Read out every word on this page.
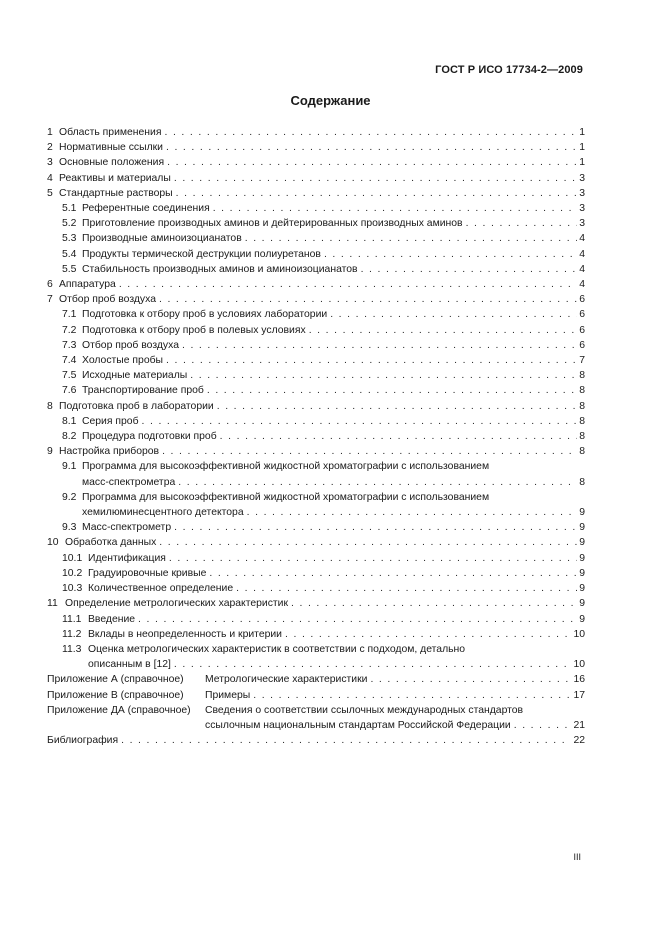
ГОСТ Р ИСО 17734-2—2009
Содержание
1 Область применения . . .	1
2 Нормативные ссылки . . .	1
3 Основные положения . . .	1
4 Реактивы и материалы . . .	3
5 Стандартные растворы . . .	3
5.1 Референтные соединения . . .	3
5.2 Приготовление производных аминов и дейтерированных производных аминов . . .	3
5.3 Производные аминоизоцианатов . . .	4
5.4 Продукты термической деструкции полиуретанов . . .	4
5.5 Стабильность производных аминов и аминоизоцианатов . . .	4
6 Аппаратура . . .	4
7 Отбор проб воздуха . . .	6
7.1 Подготовка к отбору проб в условиях лаборатории . . .	6
7.2 Подготовка к отбору проб в полевых условиях . . .	6
7.3 Отбор проб воздуха . . .	6
7.4 Холостые пробы . . .	7
7.5 Исходные материалы . . .	8
7.6 Транспортирование проб . . .	8
8 Подготовка проб в лаборатории . . .	8
8.1 Серия проб . . .	8
8.2 Процедура подготовки проб . . .	8
9 Настройка приборов . . .	8
9.1 Программа для высокоэффективной жидкостной хроматографии с использованием
масс-спектрометра . . .	8
9.2 Программа для высокоэффективной жидкостной хроматографии с использованием
хемилюминесцентного детектора . . .	9
9.3 Масс-спектрометр . . .	9
10 Обработка данных . . .	9
10.1 Идентификация . . .	9
10.2 Градуировочные кривые . . .	9
10.3 Количественное определение . . .	9
11 Определение метрологических характеристик . . .	9
11.1 Введение . . .	9
11.2 Вклады в неопределенность и критерии . . .	10
11.3 Оценка метрологических характеристик в соответствии с подходом, детально
описанным в [12] . . .	10
Приложение А (справочное)	Метрологические характеристики . . .	16
Приложение В (справочное)	Примеры . . .	17
Приложение ДА (справочное)	Сведения о соответствии ссылочных международных стандартов
ссылочным национальным стандартам Российской Федерации . . .	21
Библиография . . .	22
III
